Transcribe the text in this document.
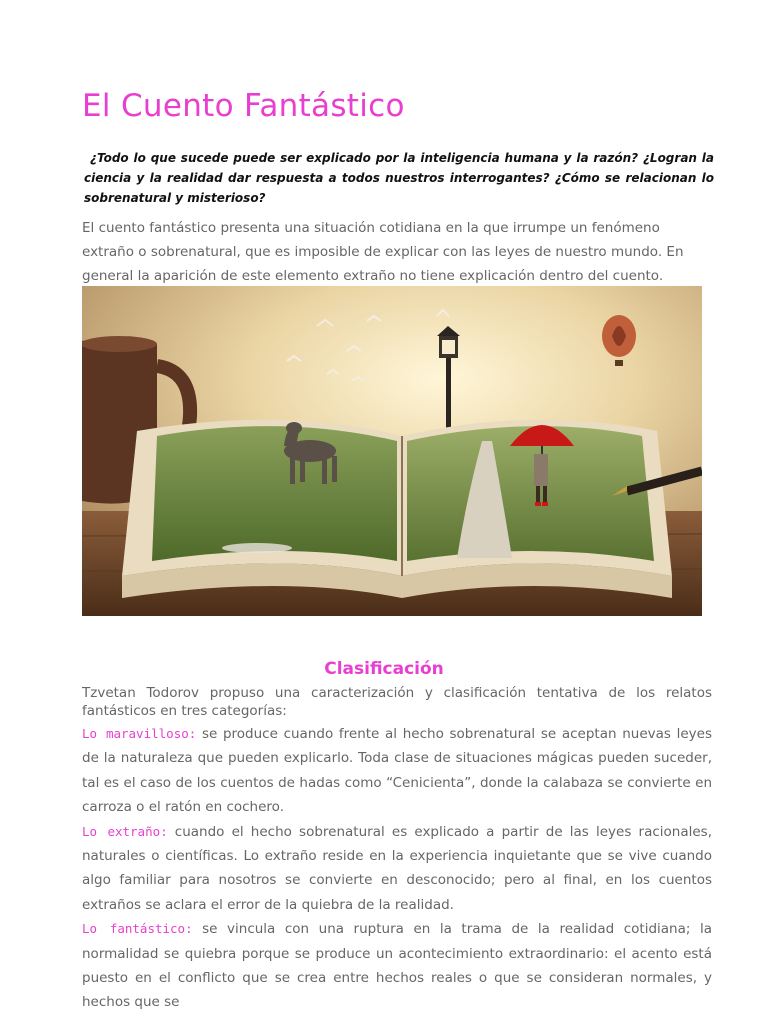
El Cuento Fantástico

¿Todo lo que sucede puede ser explicado por la inteligencia humana y la razón? ¿Logran la ciencia y la realidad dar respuesta a todos nuestros interrogantes? ¿Cómo se relacionan lo sobrenatural y misterioso?

El cuento fantástico presenta una situación cotidiana en la que irrumpe un fenómeno extraño o sobrenatural, que es imposible de explicar con las leyes de nuestro mundo. En general la aparición de este elemento extraño no tiene explicación dentro del cuento.

Clasificación

Tzvetan Todorov propuso una caracterización y clasificación tentativa de los relatos fantásticos en tres categorías:

Lo maravilloso: se produce cuando frente al hecho sobrenatural se aceptan nuevas leyes de la naturaleza que pueden explicarlo. Toda clase de situaciones mágicas pueden suceder, tal es el caso de los cuentos de hadas como “Cenicienta”, donde la calabaza se convierte en carroza o el ratón en cochero.

Lo extraño: cuando el hecho sobrenatural es explicado a partir de las leyes racionales, naturales o científicas. Lo extraño reside en la experiencia inquietante que se vive cuando algo familiar para nosotros se convierte en desconocido; pero al final, en los cuentos extraños se aclara el error de la quiebra de la realidad.

Lo fantástico: se vincula con una ruptura en la trama de la realidad cotidiana; la normalidad se quiebra porque se produce un acontecimiento extraordinario: el acento está puesto en el conflicto que se crea entre hechos reales o que se consideran normales, y hechos que se
